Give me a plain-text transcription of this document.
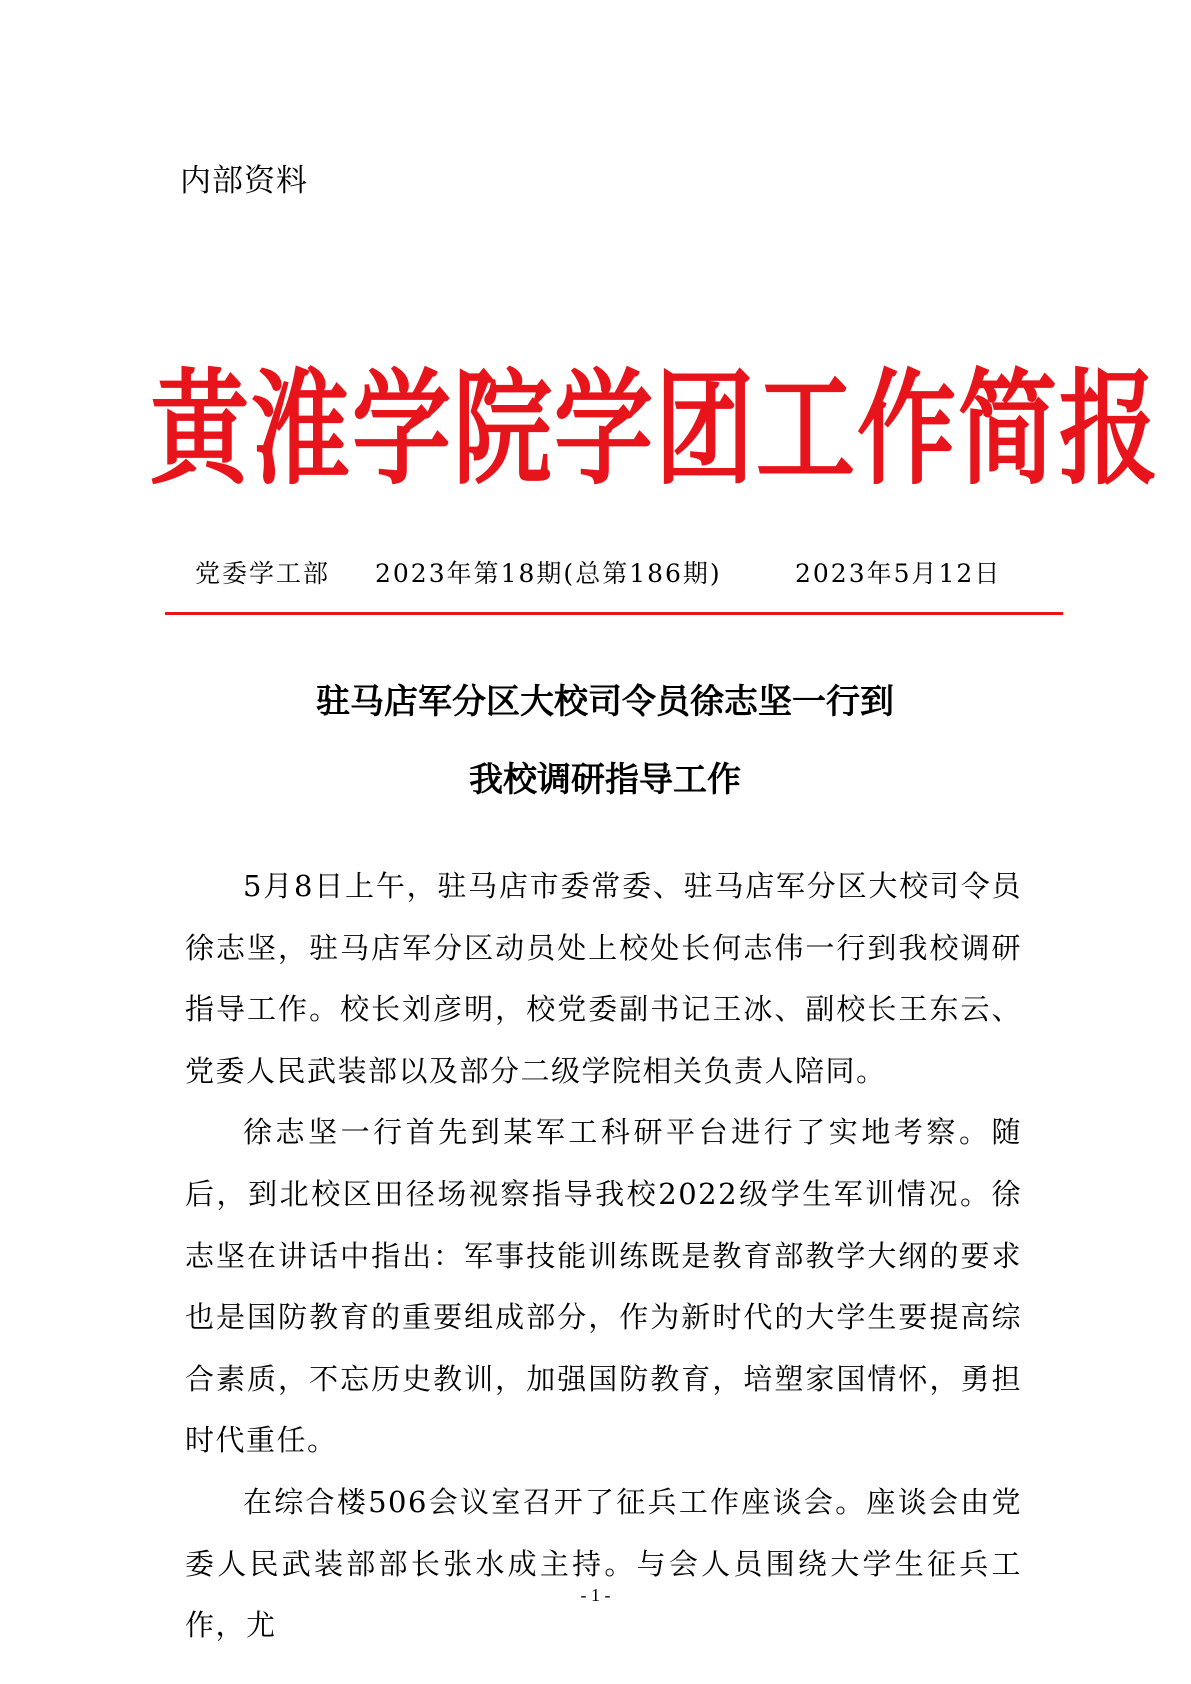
内部资料
黄淮学院学团工作简报
党委学工部 2023年第18期(总第186期)	2023年5月12日
驻马店军分区大校司令员徐志坚一行到
我校调研指导工作

5月8日上午，驻马店市委常委、驻马店军分区大校司令员徐志坚，驻马店军分区动员处上校处长何志伟一行到我校调研指导工作。校长刘彦明，校党委副书记王冰、副校长王东云、党委人民武装部以及部分二级学院相关负责人陪同。

徐志坚一行首先到某军工科研平台进行了实地考察。随后，到北校区田径场视察指导我校2022级学生军训情况。徐志坚在讲话中指出：军事技能训练既是教育部教学大纲的要求也是国防教育的重要组成部分，作为新时代的大学生要提高综合素质，不忘历史教训，加强国防教育，培塑家国情怀，勇担时代重任。

在综合楼506会议室召开了征兵工作座谈会。座谈会由党委人民武装部部长张水成主持。与会人员围绕大学生征兵工作，尤

- 1 -
